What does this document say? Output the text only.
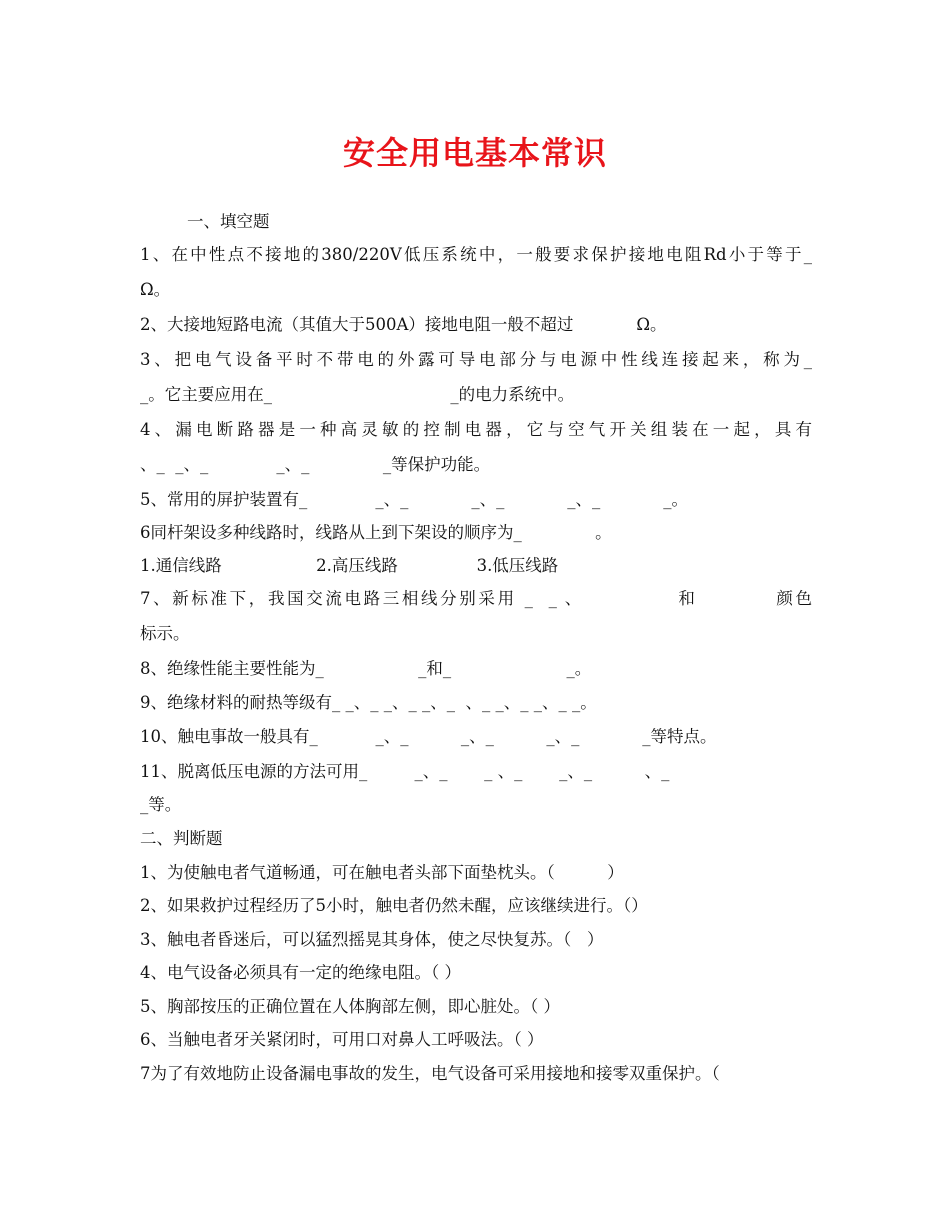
安全用电基本常识
一、填空题
1、在中性点不接地的380/220V低压系统中，一般要求保护接地电阻Rd小于等于_
Ω。
2、大接地短路电流（其值大于500A）接地电阻一般不超过            Ω。
3、把电气设备平时不带电的外露可导电部分与电源中性线连接起来，称为_
_。它主要应用在_                                  _的电力系统中。
4、漏电断路器是一种高灵敏的控制电器，它与空气开关组装在一起，具有
、_  _、_             _、_              _等保护功能。
5、常用的屏护装置有_             _、_            _、_            _、_            _。
6同杆架设多种线路时，线路从上到下架设的顺序为_              。
1.通信线路                  2.高压线路               3.低压线路
7、新标准下，我国交流电路三相线分别采用 _  _ 、            和          颜色
标示。
8、绝缘性能主要性能为_                  _和_                      _。
9、绝缘材料的耐热等级有_ _、_ _、_ _、_  、_ _、_ _、_ _。
10、触电事故一般具有_           _、_          _、_          _、_            _等特点。
11、脱离低压电源的方法可用_         _、_       _ 、_       _、_          、_
_等。
二、判断题
1、为使触电者气道畅通，可在触电者头部下面垫枕头。（          ）
2、如果救护过程经历了5小时，触电者仍然未醒，应该继续进行。（）
3、触电者昏迷后，可以猛烈摇晃其身体，使之尽快复苏。（   ）
4、电气设备必须具有一定的绝缘电阻。（ ）
5、胸部按压的正确位置在人体胸部左侧，即心脏处。（ ）
6、当触电者牙关紧闭时，可用口对鼻人工呼吸法。（ ）
7为了有效地防止设备漏电事故的发生，电气设备可采用接地和接零双重保护。（
